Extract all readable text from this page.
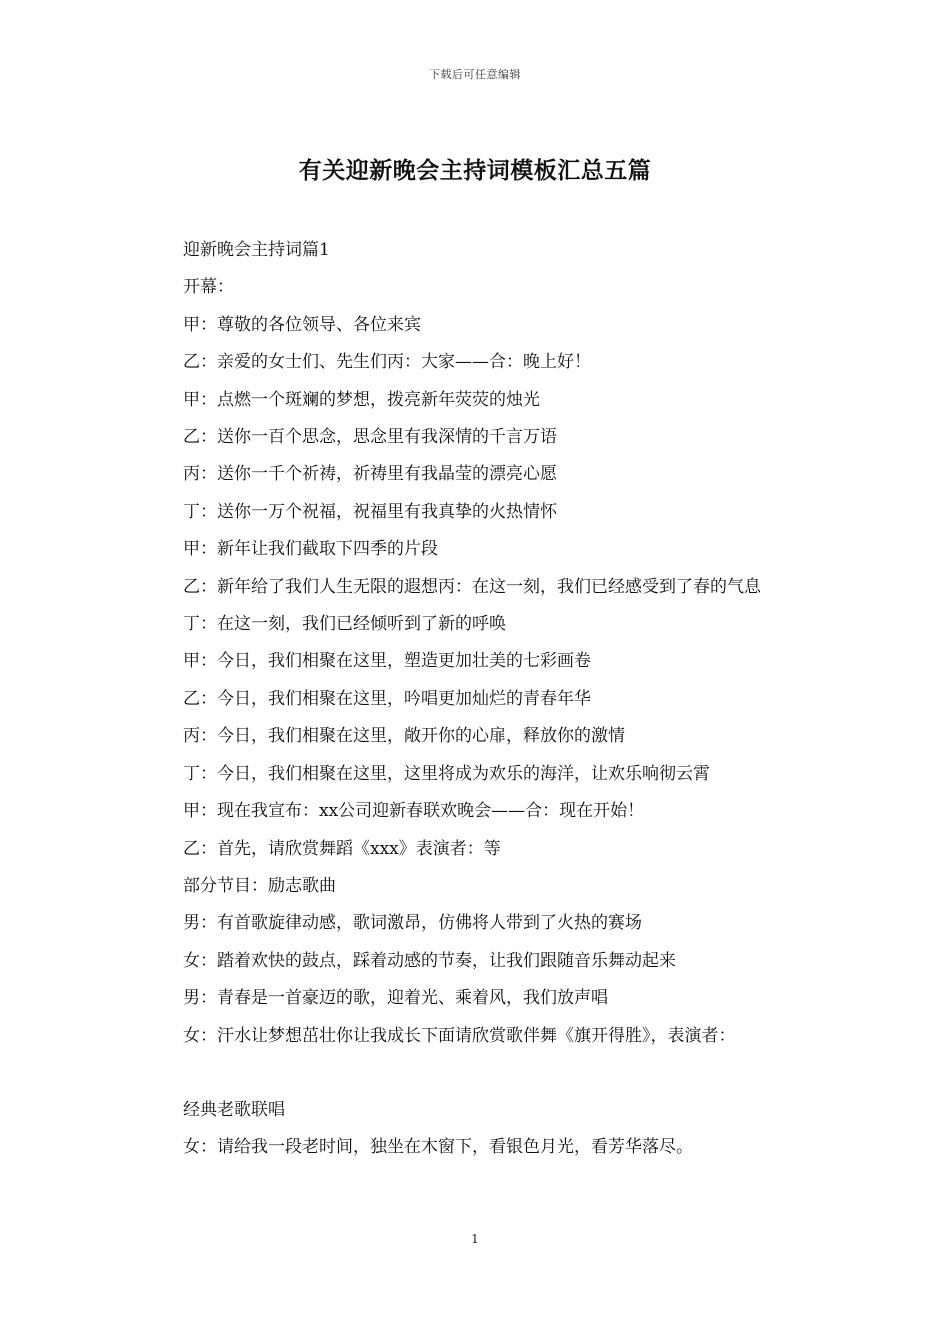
下载后可任意编辑
有关迎新晚会主持词模板汇总五篇

迎新晚会主持词篇1

开幕：

甲：尊敬的各位领导、各位来宾

乙：亲爱的女士们、先生们丙：大家——合：晚上好！

甲：点燃一个斑斓的梦想，拨亮新年荧荧的烛光

乙：送你一百个思念，思念里有我深情的千言万语

丙：送你一千个祈祷，祈祷里有我晶莹的漂亮心愿

丁：送你一万个祝福，祝福里有我真挚的火热情怀

甲：新年让我们截取下四季的片段

乙：新年给了我们人生无限的遐想丙：在这一刻，我们已经感受到了春的气息

丁：在这一刻，我们已经倾听到了新的呼唤

甲：今日，我们相聚在这里，塑造更加壮美的七彩画卷

乙：今日，我们相聚在这里，吟唱更加灿烂的青春年华

丙：今日，我们相聚在这里，敞开你的心扉，释放你的激情

丁：今日，我们相聚在这里，这里将成为欢乐的海洋，让欢乐响彻云霄

甲：现在我宣布：xx公司迎新春联欢晚会——合：现在开始！

乙：首先，请欣赏舞蹈《xxx》表演者：等

部分节目：励志歌曲

男：有首歌旋律动感，歌词激昂，仿佛将人带到了火热的赛场

女：踏着欢快的鼓点，踩着动感的节奏，让我们跟随音乐舞动起来

男：青春是一首豪迈的歌，迎着光、乘着风，我们放声唱

女：汗水让梦想茁壮你让我成长下面请欣赏歌伴舞《旗开得胜》，表演者：

经典老歌联唱

女：请给我一段老时间，独坐在木窗下，看银色月光，看芳华落尽。

1
